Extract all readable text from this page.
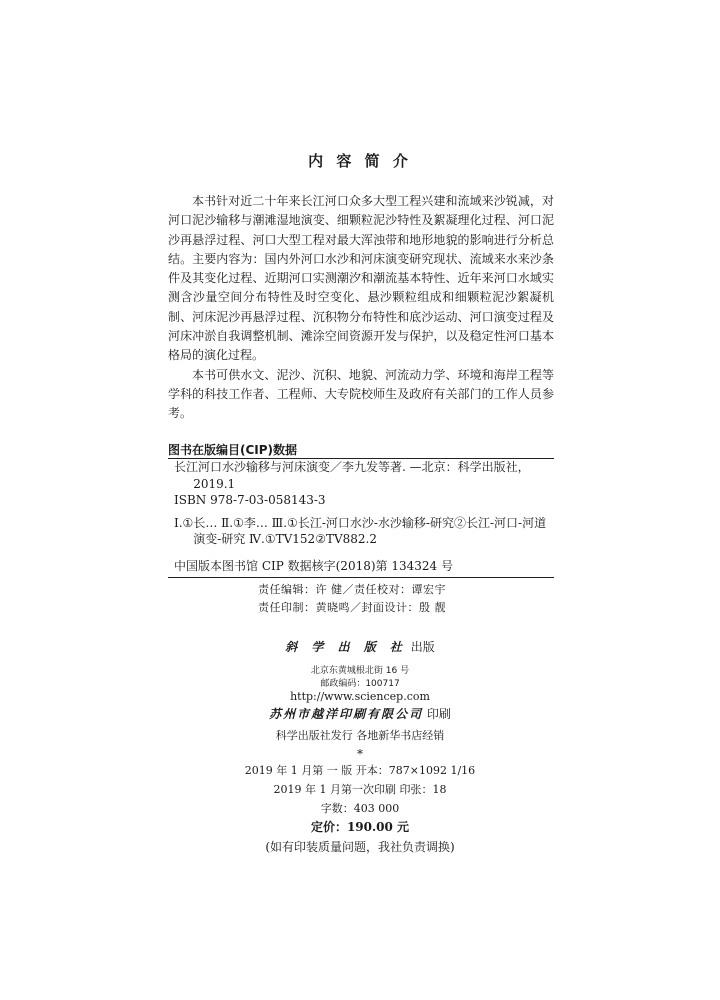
内 容 简 介

本书针对近二十年来长江河口众多大型工程兴建和流域来沙锐减，对河口泥沙输移与潮滩湿地演变、细颗粒泥沙特性及絮凝理化过程、河口泥沙再悬浮过程、河口大型工程对最大浑浊带和地形地貌的影响进行分析总结。主要内容为：国内外河口水沙和河床演变研究现状、流域来水来沙条件及其变化过程、近期河口实测潮汐和潮流基本特性、近年来河口水域实测含沙量空间分布特性及时空变化、悬沙颗粒组成和细颗粒泥沙絮凝机制、河床泥沙再悬浮过程、沉积物分布特性和底沙运动、河口演变过程及河床冲淤自我调整机制、滩涂空间资源开发与保护，以及稳定性河口基本格局的演化过程。

本书可供水文、泥沙、沉积、地貌、河流动力学、环境和海岸工程等学科的科技工作者、工程师、大专院校师生及政府有关部门的工作人员参考。

图书在版编目(CIP)数据
长江河口水沙输移与河床演变／李九发等著. —北京：科学出版社，2019.1
ISBN 978-7-03-058143-3
Ⅰ.①长… Ⅱ.①李… Ⅲ.①长江-河口水沙-水沙输移-研究②长江-河口-河道演变-研究 Ⅳ.①TV152②TV882.2
中国版本图书馆 CIP 数据核字(2018)第 134324 号
责任编辑：许 健／责任校对：谭宏宇
责任印制：黄晓鸣／封面设计：殷 靓
斜 学 出 版 社 出版
北京东黄城根北街 16 号
邮政编码：100717
http://www.sciencep.com
苏州市越洋印刷有限公司 印刷
科学出版社发行 各地新华书店经销
*
2019 年 1 月第 一 版 开本：787×1092 1/16
2019 年 1 月第一次印刷 印张：18
字数：403 000
定价：190.00 元
(如有印装质量问题，我社负责调换)
